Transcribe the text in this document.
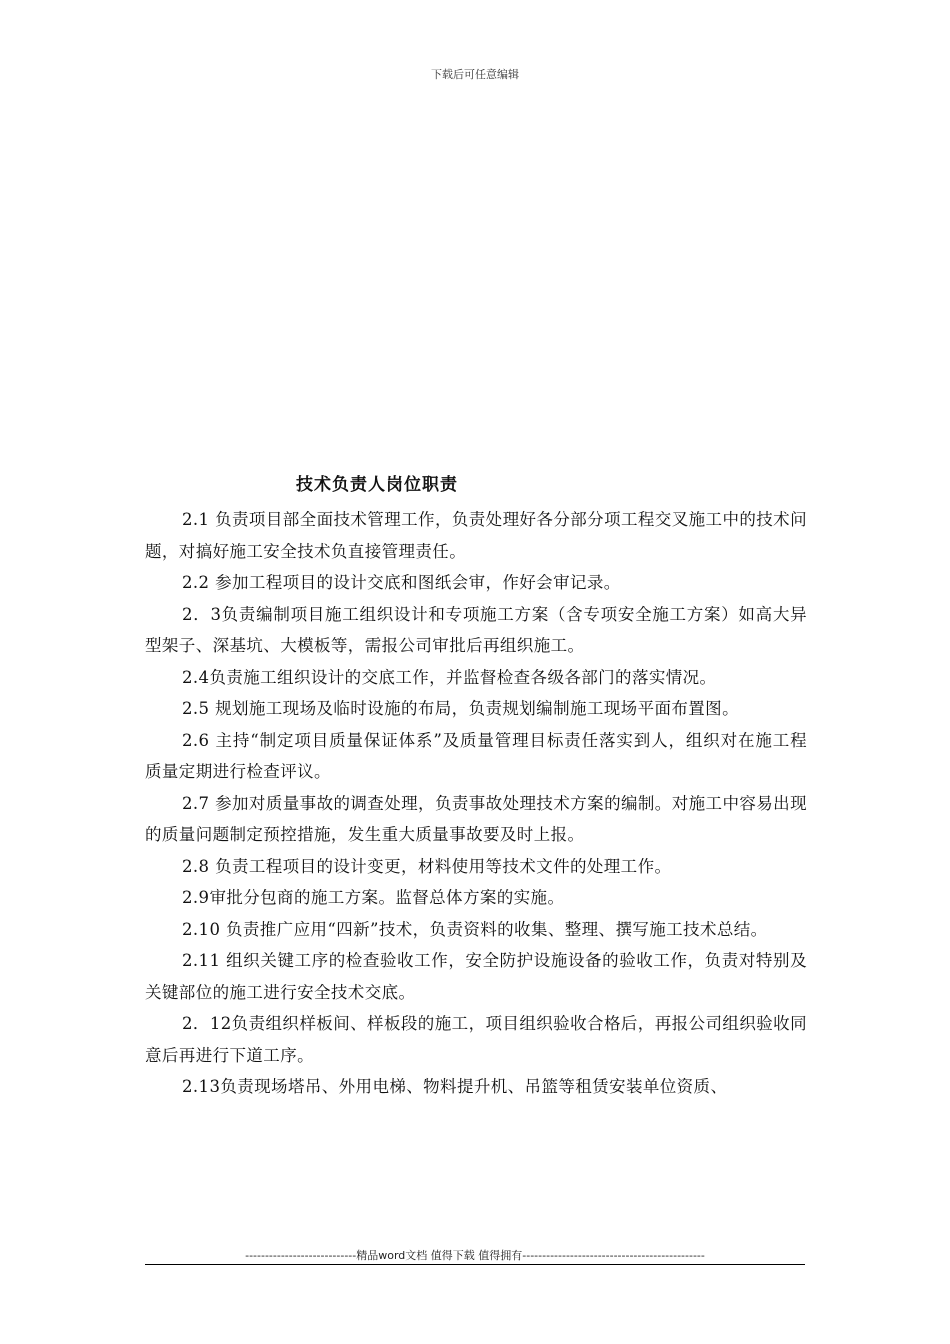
下载后可任意编辑
技术负责人岗位职责

2.1 负责项目部全面技术管理工作，负责处理好各分部分项工程交叉施工中的技术问题，对搞好施工安全技术负直接管理责任。

2.2 参加工程项目的设计交底和图纸会审，作好会审记录。

2．3负责编制项目施工组织设计和专项施工方案（含专项安全施工方案）如高大异型架子、深基坑、大模板等，需报公司审批后再组织施工。

2.4负责施工组织设计的交底工作，并监督检查各级各部门的落实情况。

2.5 规划施工现场及临时设施的布局，负责规划编制施工现场平面布置图。

2.6 主持“制定项目质量保证体系”及质量管理目标责任落实到人，组织对在施工程质量定期进行检查评议。

2.7 参加对质量事故的调查处理，负责事故处理技术方案的编制。对施工中容易出现的质量问题制定预控措施，发生重大质量事故要及时上报。

2.8 负责工程项目的设计变更，材料使用等技术文件的处理工作。

2.9审批分包商的施工方案。监督总体方案的实施。

2.10 负责推广应用“四新”技术，负责资料的收集、整理、撰写施工技术总结。

2.11 组织关键工序的检查验收工作，安全防护设施设备的验收工作，负责对特别及关键部位的施工进行安全技术交底。

2．12负责组织样板间、样板段的施工，项目组织验收合格后，再报公司组织验收同意后再进行下道工序。

2.13负责现场塔吊、外用电梯、物料提升机、吊篮等租赁安装单位资质、

----------------------------精品word文档 值得下载 值得拥有----------------------------------------------
